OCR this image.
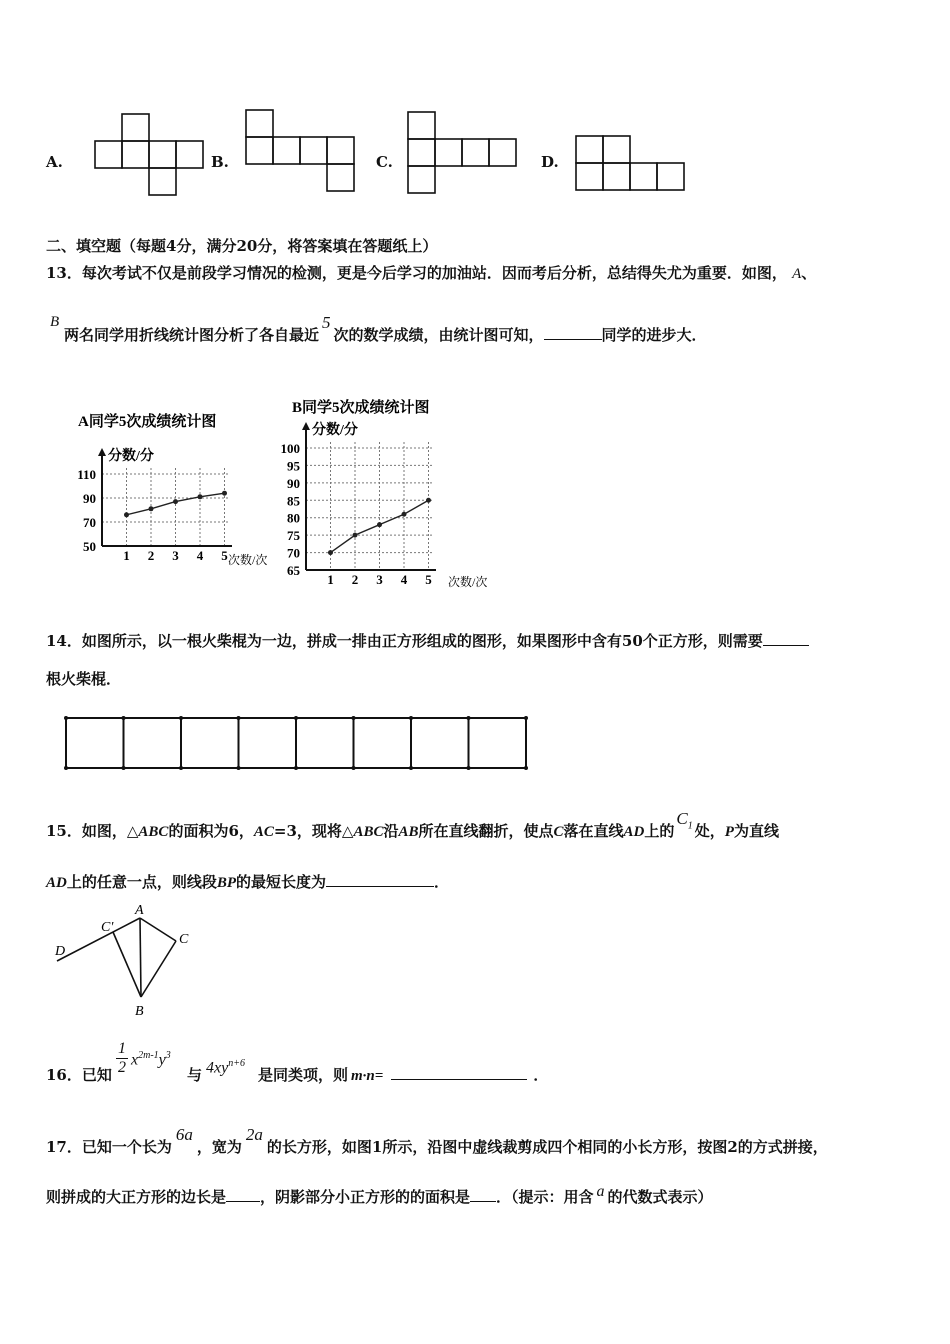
A.	B.	C.	D.
二、填空题（每题4分，满分20分，将答案填在答题纸上）
13．每次考试不仅是前段学习情况的检测，更是今后学习的加油站．因而考后分析，总结得失尤为重要．如图， A、
B
两名同学用折线统计图分析了各自最近5次的数学成绩，由统计图可知，	同学的进步大．
A同学5次成绩统计图
分数/分
次数/次
50
70
90
110
1 2 3 4 5
B同学5次成绩统计图
分数/分
次数/次
65
70
75
80
85
90
95
100
1 2 3 4 5
14．如图所示，以一根火柴棍为一边，拼成一排由正方形组成的图形，如果图形中含有50个正方形，则需要
根火柴棍．
15．如图，△ABC的面积为6，AC=3，现将△ABC沿AB所在直线翻折，使点C落在直线AD上的$C_1$ 处，P为直线
AD上的任意一点，则线段BP的最短长度为	．
A
B
C
C'
D
16．已知 $\frac{1}{2} x^{2m-1}y^3$
与 $4xy^{n+6}$
是同类项，则 m·n=	．
17．已知一个长为6a，宽为2a的长方形，如图1所示，沿图中虚线裁剪成四个相同的小长方形，按图2的方式拼接，
则拼成的大正方形的边长是 ，阴影部分小正方形的的面积是 ．（提示：用含 a 的代数式表示）
